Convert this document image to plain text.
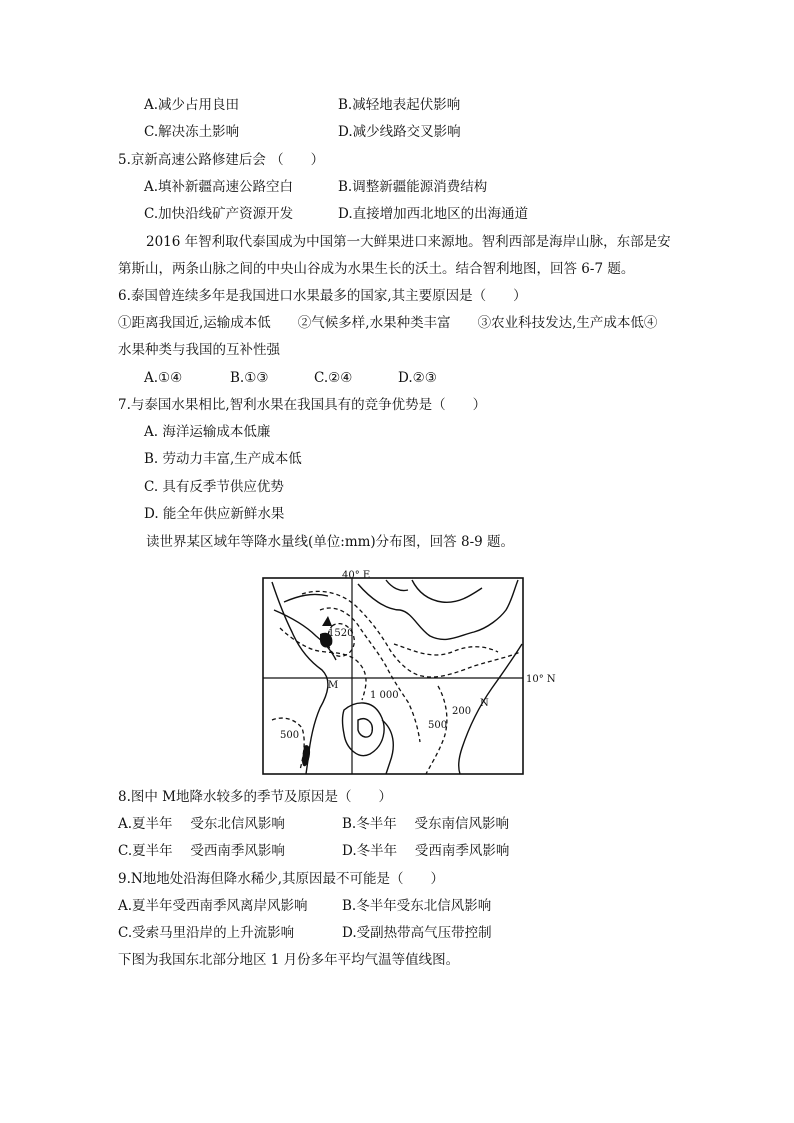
A.减少占用良田	B.减轻地表起伏影响
C.解决冻土影响	D.减少线路交叉影响
5.京新高速公路修建后会 （　　）
A.填补新疆高速公路空白	B.调整新疆能源消费结构
C.加快沿线矿产资源开发	D.直接增加西北地区的出海通道
2016 年智利取代泰国成为中国第一大鲜果进口来源地。智利西部是海岸山脉，东部是安
第斯山，两条山脉之间的中央山谷成为水果生长的沃土。结合智利地图，回答 6-7 题。
6.泰国曾连续多年是我国进口水果最多的国家,其主要原因是（　　）
①距离我国近,运输成本低　　②气候多样,水果种类丰富　　③农业科技发达,生产成本低④
水果种类与我国的互补性强
A.①④	B.①③	C.②④	D.②③
7.与泰国水果相比,智利水果在我国具有的竞争优势是（　　）
A. 海洋运输成本低廉
B. 劳动力丰富,生产成本低
C. 具有反季节供应优势
D. 能全年供应新鲜水果
读世界某区域年等降水量线(单位:mm)分布图，回答 8-9 题。
40° E
10° N
1520
M
1 000
500
200
N
500
8.图中 M地降水较多的季节及原因是（　　）
A.夏半年　 受东北信风影响	B.冬半年　 受东南信风影响
C.夏半年　 受西南季风影响	D.冬半年　 受西南季风影响
9.N地地处沿海但降水稀少,其原因最不可能是（　　）
A.夏半年受西南季风离岸风影响	B.冬半年受东北信风影响
C.受索马里沿岸的上升流影响	D.受副热带高气压带控制
下图为我国东北部分地区 1 月份多年平均气温等值线图。
